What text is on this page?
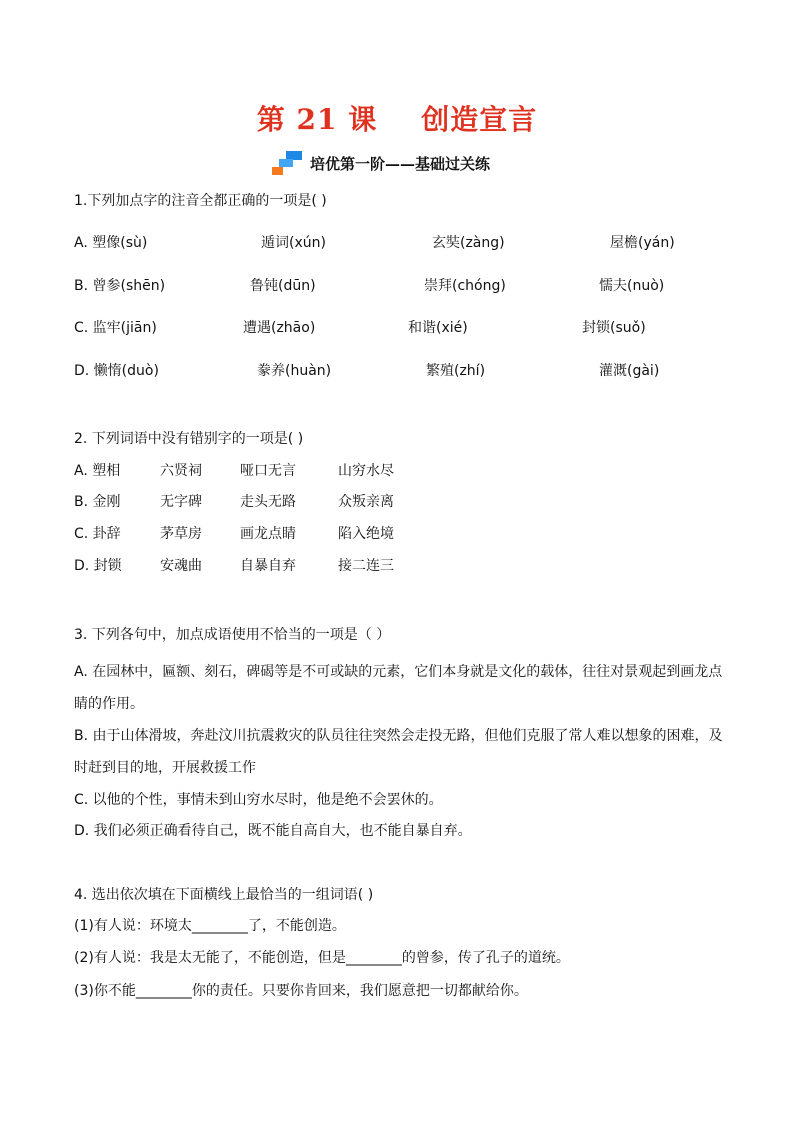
第 21 课 创造宣言
培优第一阶——基础过关练
1.下列加点字的注音全都正确的一项是( )
A. 塑像(sù)	遁词(xún)	玄奘(zàng)	屋檐(yán)
B. 曾参(shēn)	鲁钝(dūn)	崇拜(chóng)	懦夫(nuò)
C. 监牢(jiān)	遭遇(zhāo)	和谐(xié)	封锁(suǒ)
D. 懒惰(duò)	豢养(huàn)	繁殖(zhí)	灌溉(gài)
2. 下列词语中没有错别字的一项是( )
A. 塑相	六贤祠	哑口无言	山穷水尽
B. 金刚	无字碑	走头无路	众叛亲离
C. 卦辞	茅草房	画龙点睛	陷入绝境
D. 封锁	安魂曲	自暴自弃	接二连三
3. 下列各句中，加点成语使用不恰当的一项是（ ）
A. 在园林中，匾额、刻石，碑碣等是不可或缺的元素，它们本身就是文化的载体，往往对景观起到画龙点睛的作用。
B. 由于山体滑坡，奔赴汶川抗震救灾的队员往往突然会走投无路，但他们克服了常人难以想象的困难，及时赶到目的地，开展救援工作
C. 以他的个性，事情未到山穷水尽时，他是绝不会罢休的。
D. 我们必须正确看待自己，既不能自高自大，也不能自暴自弃。
4. 选出依次填在下面横线上最恰当的一组词语( )
(1)有人说：环境太________了，不能创造。
(2)有人说：我是太无能了，不能创造，但是________的曾参，传了孔子的道统。
(3)你不能________你的责任。只要你肯回来，我们愿意把一切都献给你。
